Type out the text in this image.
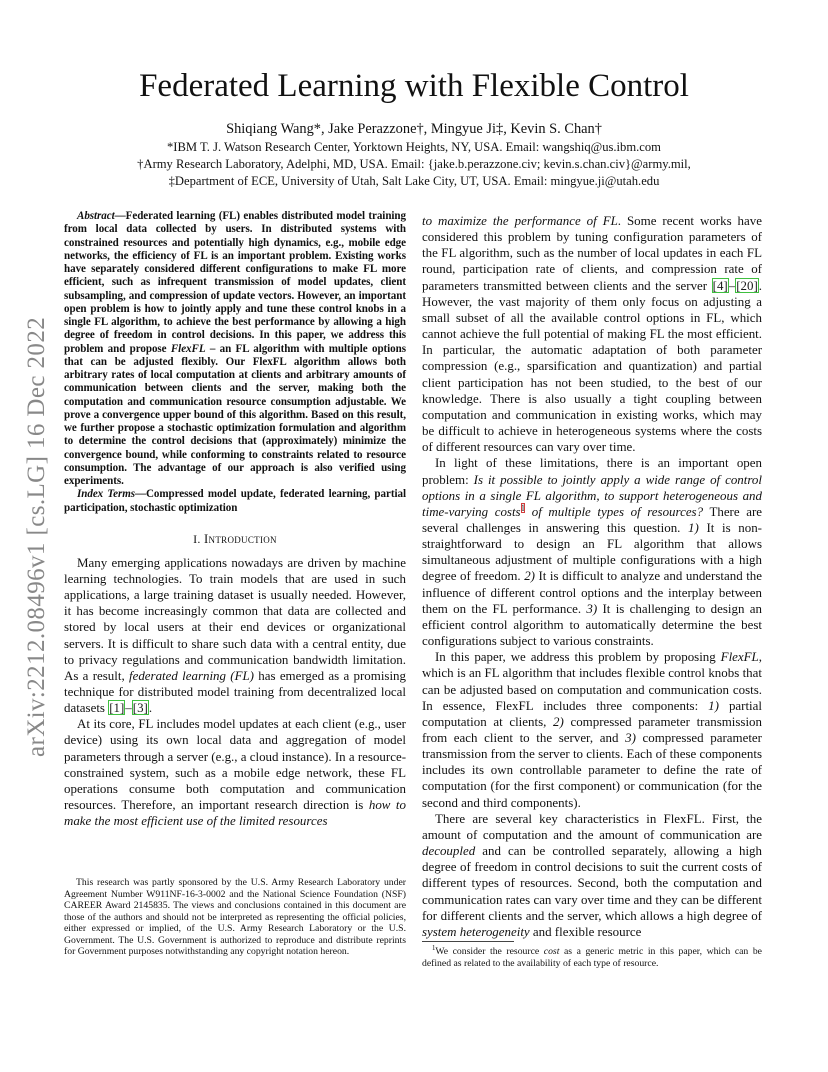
Federated Learning with Flexible Control
Shiqiang Wang*, Jake Perazzone†, Mingyue Ji‡, Kevin S. Chan†
*IBM T. J. Watson Research Center, Yorktown Heights, NY, USA. Email: wangshiq@us.ibm.com
†Army Research Laboratory, Adelphi, MD, USA. Email: {jake.b.perazzone.civ; kevin.s.chan.civ}@army.mil,
‡Department of ECE, University of Utah, Salt Lake City, UT, USA. Email: mingyue.ji@utah.edu
arXiv:2212.08496v1 [cs.LG] 16 Dec 2022

Abstract—Federated learning (FL) enables distributed model training from local data collected by users. In distributed systems with constrained resources and potentially high dynamics, e.g., mobile edge networks, the efficiency of FL is an important problem. Existing works have separately considered different configurations to make FL more efficient, such as infrequent transmission of model updates, client subsampling, and compression of update vectors. However, an important open problem is how to jointly apply and tune these control knobs in a single FL algorithm, to achieve the best performance by allowing a high degree of freedom in control decisions. In this paper, we address this problem and propose FlexFL – an FL algorithm with multiple options that can be adjusted flexibly. Our FlexFL algorithm allows both arbitrary rates of local computation at clients and arbitrary amounts of communication between clients and the server, making both the computation and communication resource consumption adjustable. We prove a convergence upper bound of this algorithm. Based on this result, we further propose a stochastic optimization formulation and algorithm to determine the control decisions that (approximately) minimize the convergence bound, while conforming to constraints related to resource consumption. The advantage of our approach is also verified using experiments.

Index Terms—Compressed model update, federated learning, partial participation, stochastic optimization

I. Introduction

Many emerging applications nowadays are driven by machine learning technologies. To train models that are used in such applications, a large training dataset is usually needed. However, it has become increasingly common that data are collected and stored by local users at their end devices or organizational servers. It is difficult to share such data with a central entity, due to privacy regulations and communication bandwidth limitation. As a result, federated learning (FL) has emerged as a promising technique for distributed model training from decentralized local datasets [1]–[3].

At its core, FL includes model updates at each client (e.g., user device) using its own local data and aggregation of model parameters through a server (e.g., a cloud instance). In a resource-constrained system, such as a mobile edge network, these FL operations consume both computation and communication resources. Therefore, an important research direction is how to make the most efficient use of the limited resources

to maximize the performance of FL. Some recent works have considered this problem by tuning configuration parameters of the FL algorithm, such as the number of local updates in each FL round, participation rate of clients, and compression rate of parameters transmitted between clients and the server [4]–[20]. However, the vast majority of them only focus on adjusting a small subset of all the available control options in FL, which cannot achieve the full potential of making FL the most efficient. In particular, the automatic adaptation of both parameter compression (e.g., sparsification and quantization) and partial client participation has not been studied, to the best of our knowledge. There is also usually a tight coupling between computation and communication in existing works, which may be difficult to achieve in heterogeneous systems where the costs of different resources can vary over time.

In light of these limitations, there is an important open problem: Is it possible to jointly apply a wide range of control options in a single FL algorithm, to support heterogeneous and time-varying costs$^1$ of multiple types of resources? There are several challenges in answering this question. 1) It is non-straightforward to design an FL algorithm that allows simultaneous adjustment of multiple configurations with a high degree of freedom. 2) It is difficult to analyze and understand the influence of different control options and the interplay between them on the FL performance. 3) It is challenging to design an efficient control algorithm to automatically determine the best configurations subject to various constraints.

In this paper, we address this problem by proposing FlexFL, which is an FL algorithm that includes flexible control knobs that can be adjusted based on computation and communication costs. In essence, FlexFL includes three components: 1) partial computation at clients, 2) compressed parameter transmission from each client to the server, and 3) compressed parameter transmission from the server to clients. Each of these components includes its own controllable parameter to define the rate of computation (for the first component) or communication (for the second and third components).

There are several key characteristics in FlexFL. First, the amount of computation and the amount of communication are decoupled and can be controlled separately, allowing a high degree of freedom in control decisions to suit the current costs of different types of resources. Second, both the computation and communication rates can vary over time and they can be different for different clients and the server, which allows a high degree of system heterogeneity and flexible resource

This research was partly sponsored by the U.S. Army Research Laboratory under Agreement Number W911NF-16-3-0002 and the National Science Foundation (NSF) CAREER Award 2145835. The views and conclusions contained in this document are those of the authors and should not be interpreted as representing the official policies, either expressed or implied, of the U.S. Army Research Laboratory or the U.S. Government. The U.S. Government is authorized to reproduce and distribute reprints for Government purposes notwithstanding any copyright notation hereon.	$^1$We consider the resource cost as a generic metric in this paper, which can be defined as related to the availability of each type of resource.
